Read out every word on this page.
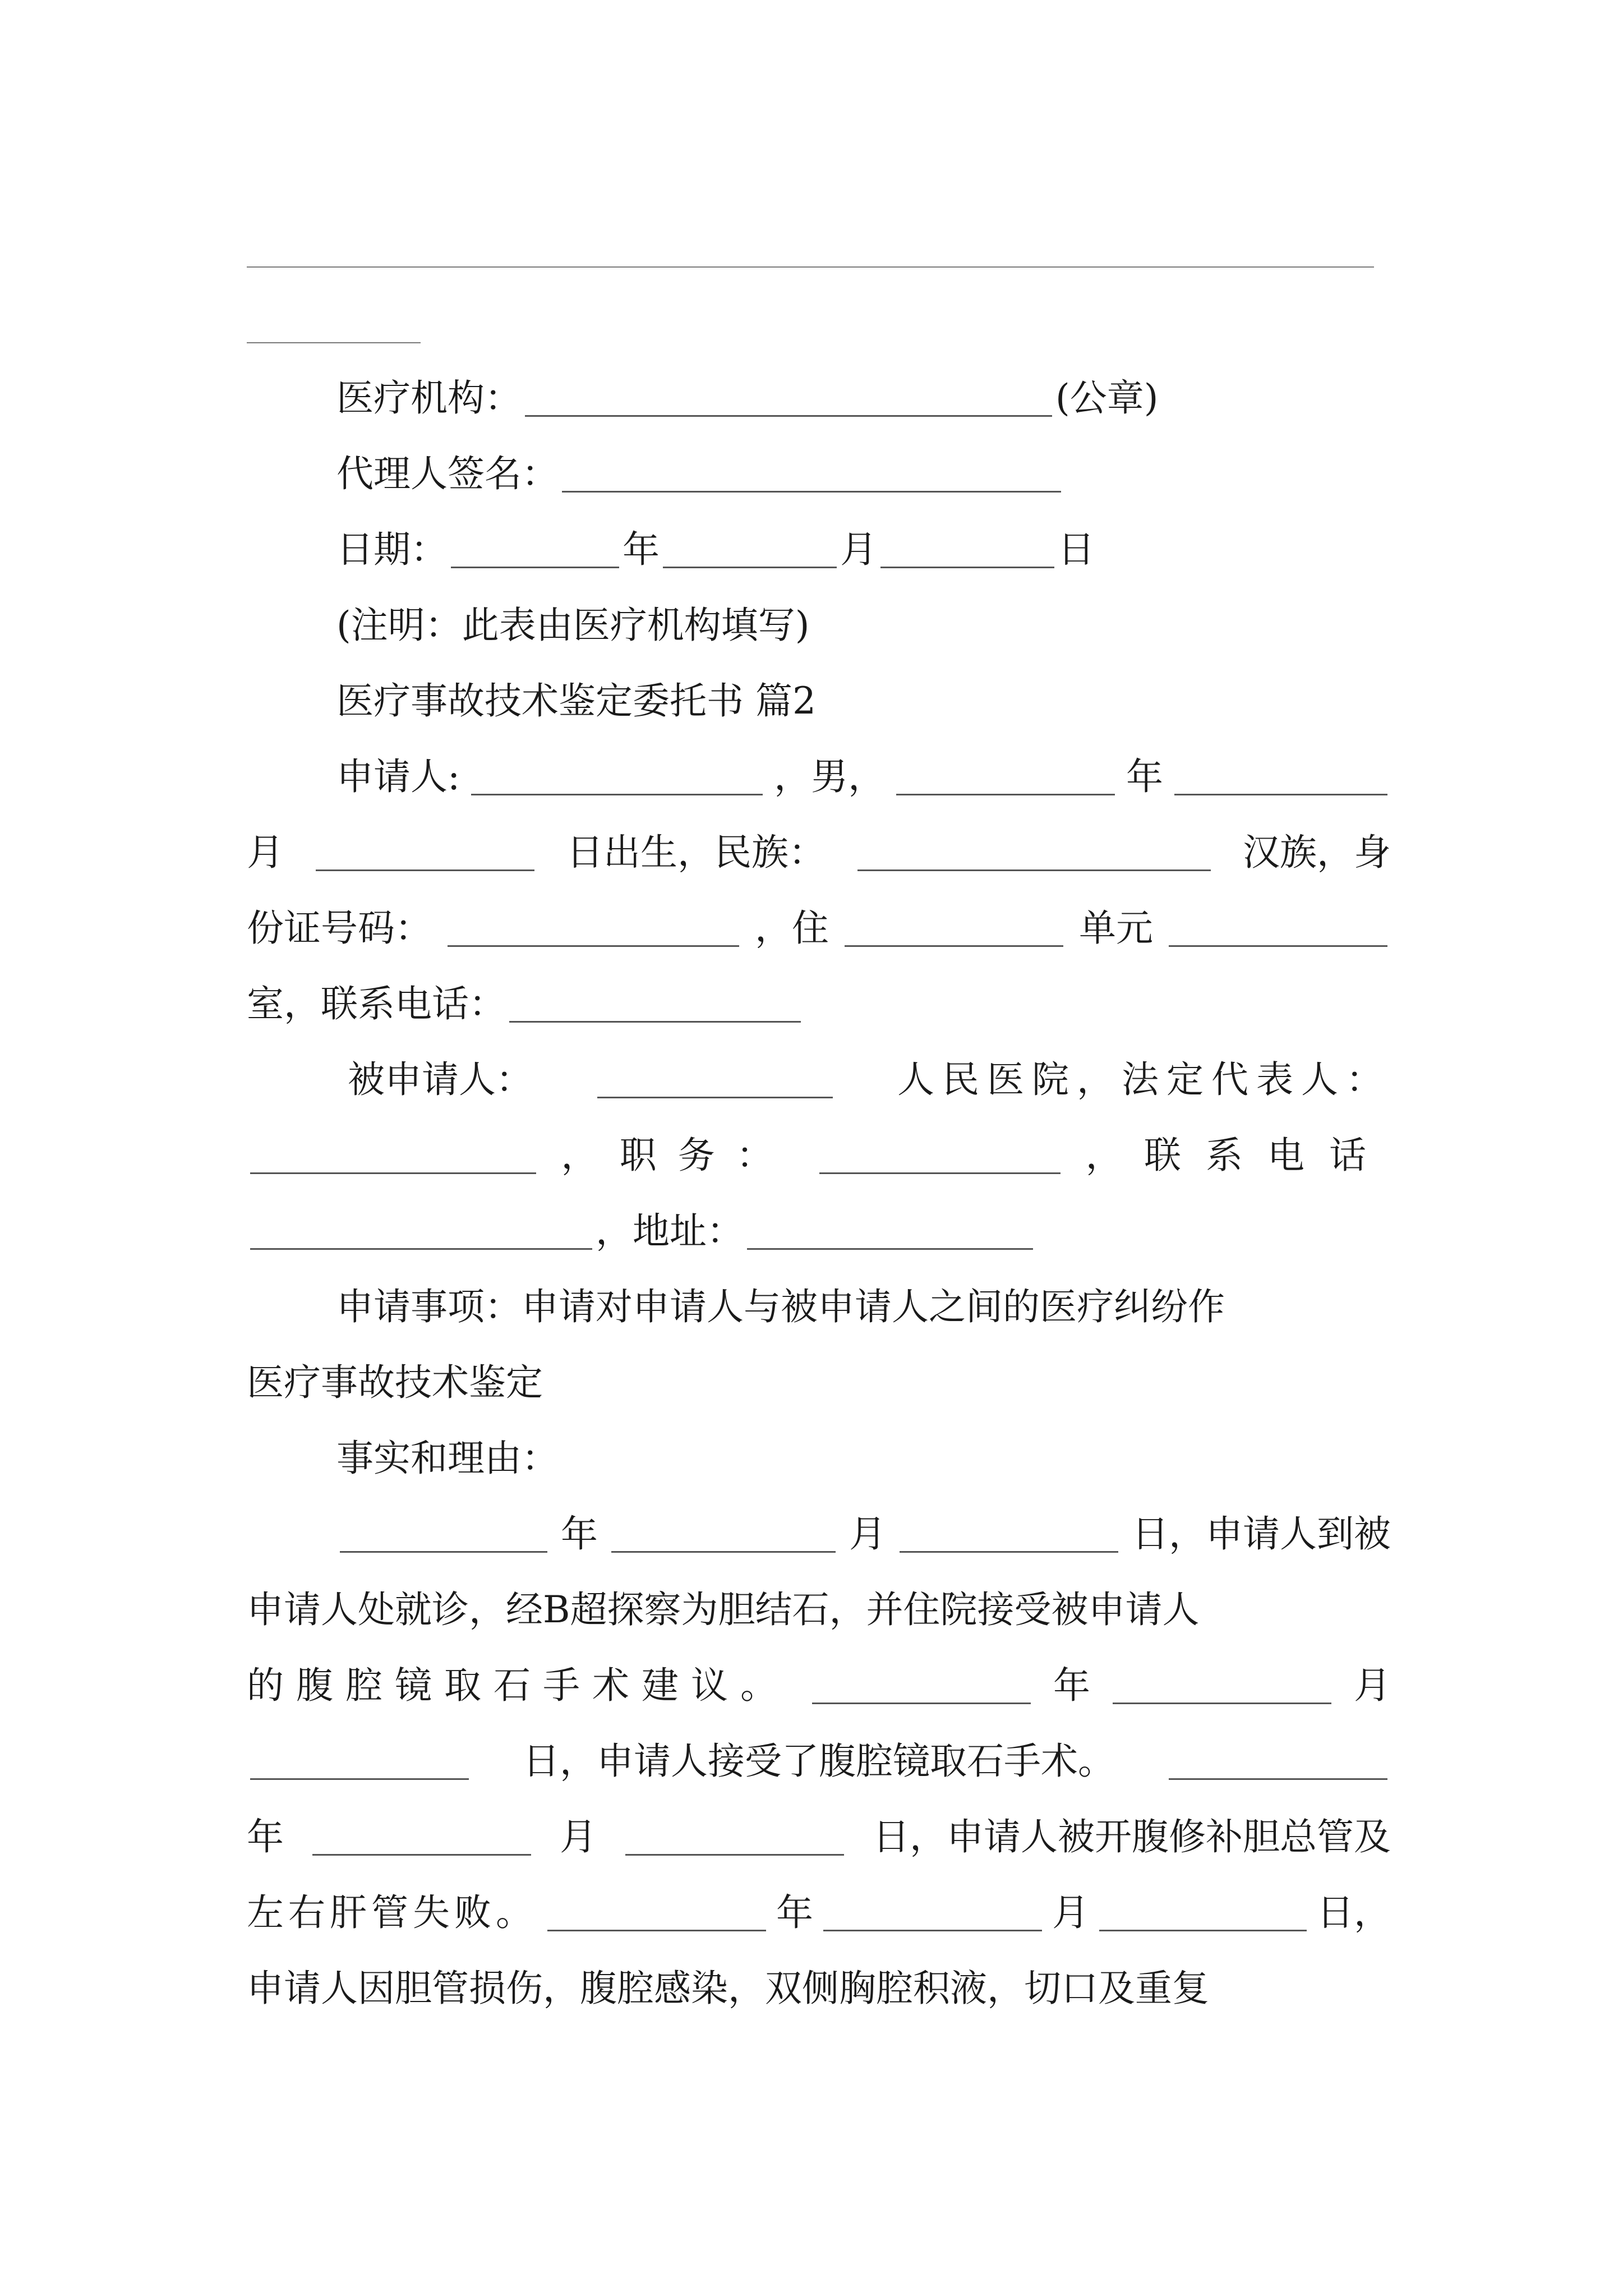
医疗机构：	(公章)
代理人签名：
日期：	年	月	日
(注明：此表由医疗机构填写)
医疗事故技术鉴定委托书 篇2
申请人:	，男，	年
月	日出生，民族：	汉族，身
份证号码：	，住	单元
室，联系电话：
被申请人：	人民医院，法定代表人：
， 职务：	， 联系电话
，地址：
申请事项：申请对申请人与被申请人之间的医疗纠纷作
医疗事故技术鉴定
事实和理由：
年	月	日，申请人到被
申请人处就诊，经B超探察为胆结石，并住院接受被申请人
的腹腔镜取石手术建议。	年	月
日，申请人接受了腹腔镜取石手术。
年	月	日，申请人被开腹修补胆总管及
左右肝管失败。	年	月	日，
申请人因胆管损伤，腹腔感染，双侧胸腔积液，切口及重复
